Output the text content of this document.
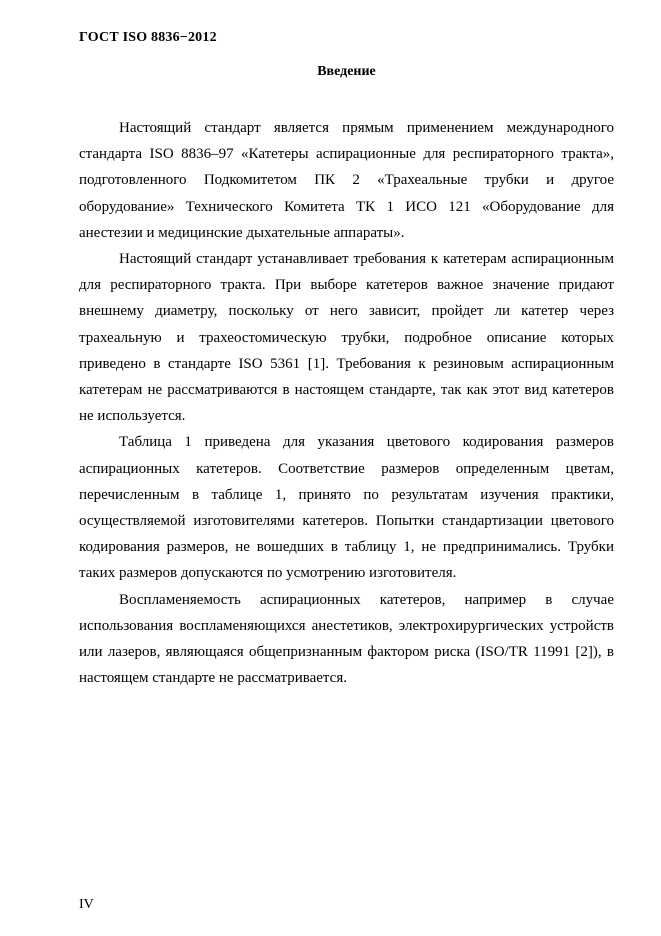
ГОСТ ISO 8836−2012
Введение

Настоящий стандарт является прямым применением международного стандарта ISO 8836–97 «Катетеры аспирационные для респираторного тракта», подготовленного Подкомитетом ПК 2 «Трахеальные трубки и другое оборудование» Технического Комитета ТК 1 ИСО 121 «Оборудование для анестезии и медицинские дыхательные аппараты».

Настоящий стандарт устанавливает требования к катетерам аспирационным для респираторного тракта. При выборе катетеров важное значение придают внешнему диаметру, поскольку от него зависит, пройдет ли катетер через трахеальную и трахеостомическую трубки, подробное описание которых приведено в стандарте ISO 5361 [1]. Требования к резиновым аспирационным катетерам не рассматриваются в настоящем стандарте, так как этот вид катетеров не используется.

Таблица 1 приведена для указания цветового кодирования размеров аспирационных катетеров. Соответствие размеров определенным цветам, перечисленным в таблице 1, принято по результатам изучения практики, осуществляемой изготовителями катетеров. Попытки стандартизации цветового кодирования размеров, не вошедших в таблицу 1, не предпринимались. Трубки таких размеров допускаются по усмотрению изготовителя.

Воспламеняемость аспирационных катетеров, например в случае использования воспламеняющихся анестетиков, электрохирургических устройств или лазеров, являющаяся общепризнанным фактором риска (ISO/TR 11991 [2]), в настоящем стандарте не рассматривается.

IV
